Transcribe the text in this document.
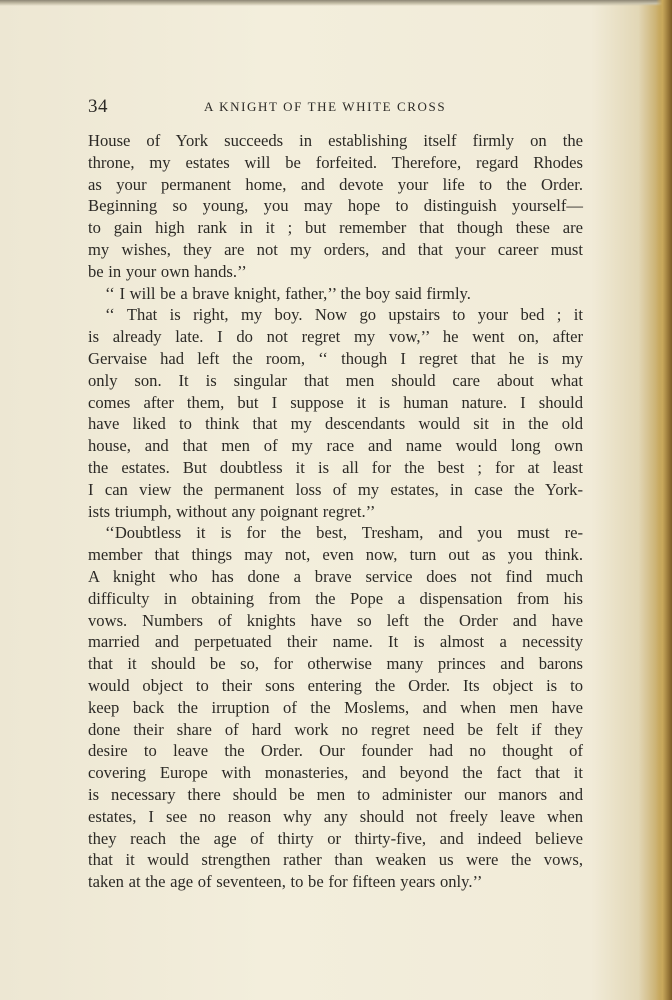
34	A KNIGHT OF THE WHITE CROSS
House of York succeeds in establishing itself firmly on the
throne, my estates will be forfeited. Therefore, regard Rhodes
as your permanent home, and devote your life to the Order.
Beginning so young, you may hope to distinguish yourself—
to gain high rank in it ; but remember that though these are
my wishes, they are not my orders, and that your career must
be in your own hands.’’
‘‘ I will be a brave knight, father,’’ the boy said firmly.
‘‘ That is right, my boy. Now go upstairs to your bed ; it
is already late. I do not regret my vow,’’ he went on, after
Gervaise had left the room, ‘‘ though I regret that he is my
only son. It is singular that men should care about what
comes after them, but I suppose it is human nature. I should
have liked to think that my descendants would sit in the old
house, and that men of my race and name would long own
the estates. But doubtless it is all for the best ; for at least
I can view the permanent loss of my estates, in case the York-
ists triumph, without any poignant regret.’’
‘‘Doubtless it is for the best, Tresham, and you must re-
member that things may not, even now, turn out as you think.
A knight who has done a brave service does not find much
difficulty in obtaining from the Pope a dispensation from his
vows. Numbers of knights have so left the Order and have
married and perpetuated their name. It is almost a necessity
that it should be so, for otherwise many princes and barons
would object to their sons entering the Order. Its object is to
keep back the irruption of the Moslems, and when men have
done their share of hard work no regret need be felt if they
desire to leave the Order. Our founder had no thought of
covering Europe with monasteries, and beyond the fact that it
is necessary there should be men to administer our manors and
estates, I see no reason why any should not freely leave when
they reach the age of thirty or thirty-five, and indeed believe
that it would strengthen rather than weaken us were the vows,
taken at the age of seventeen, to be for fifteen years only.’’
